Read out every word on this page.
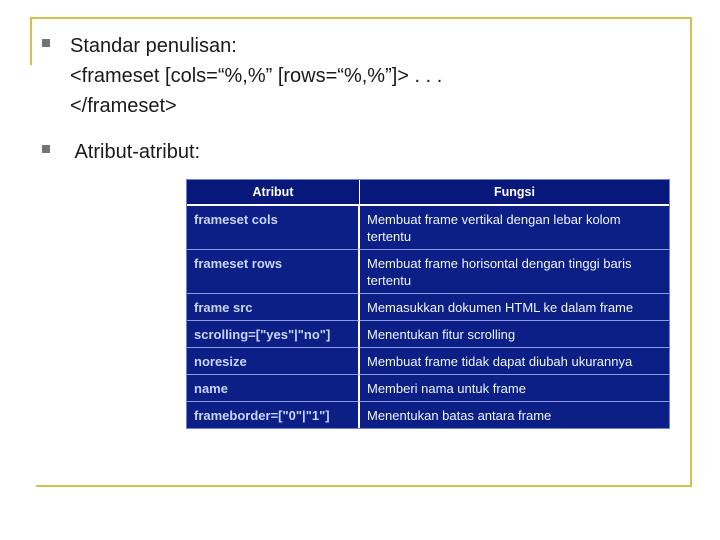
Standar penulisan:
<frameset [cols=“%,%” [rows=“%,%”]> . . .
</frameset>
Atribut-atribut:
Atribut	Fungsi
frameset cols	Membuat frame vertikal dengan lebar kolom tertentu
frameset rows	Membuat frame horisontal dengan tinggi baris tertentu
frame src	Memasukkan dokumen HTML ke dalam frame
scrolling=["yes"|"no"]	Menentukan fitur scrolling
noresize	Membuat frame tidak dapat diubah ukurannya
name	Memberi nama untuk frame
frameborder=["0"|"1"]	Menentukan batas antara frame
